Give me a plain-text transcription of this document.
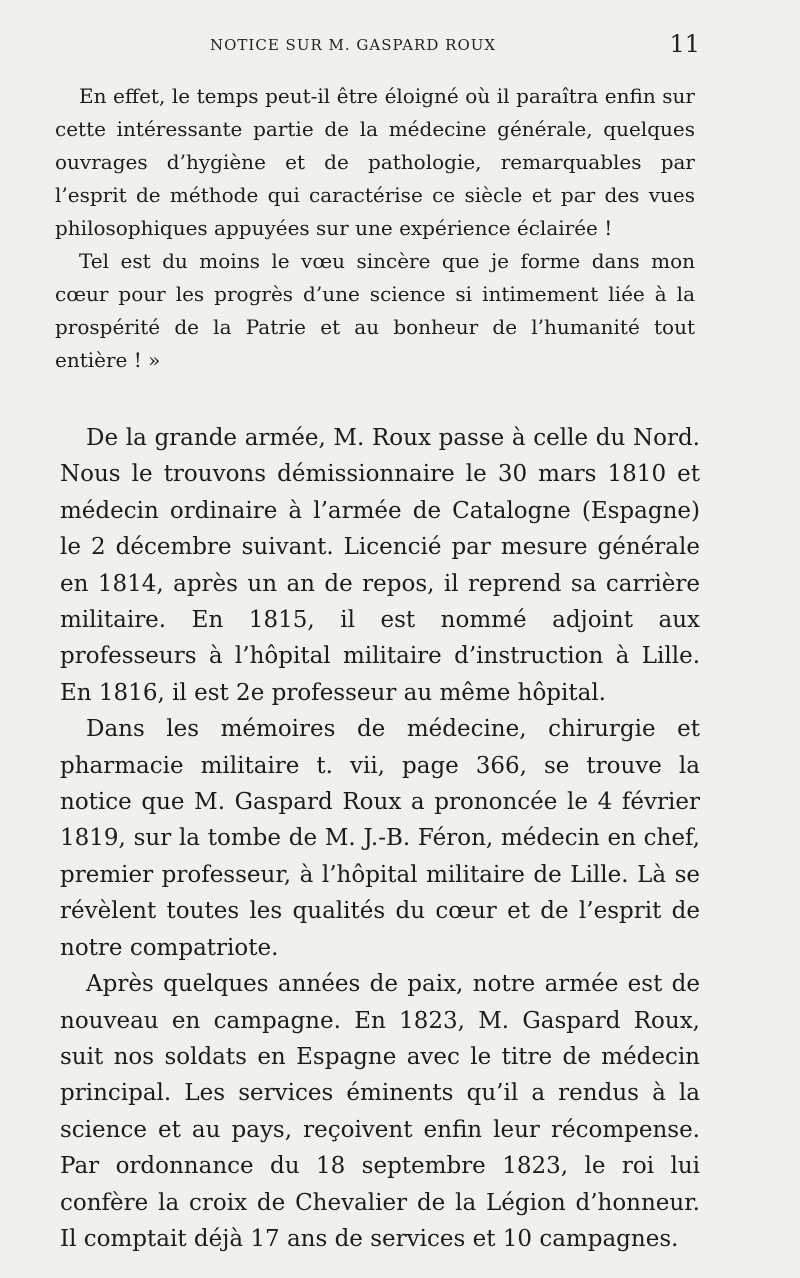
NOTICE SUR M. GASPARD ROUX	11

En effet, le temps peut-il être éloigné où il paraîtra enfin sur cette intéressante partie de la médecine générale, quelques ouvrages d’hygiène et de pathologie, remarquables par l’esprit de méthode qui caractérise ce siècle et par des vues philosophiques appuyées sur une expérience éclairée !

Tel est du moins le vœu sincère que je forme dans mon cœur pour les progrès d’une science si intimement liée à la prospérité de la Patrie et au bonheur de l’humanité tout entière ! »

De la grande armée, M. Roux passe à celle du Nord. Nous le trouvons démissionnaire le 30 mars 1810 et médecin ordinaire à l’armée de Catalogne (Espagne) le 2 décembre suivant. Licencié par mesure générale en 1814, après un an de repos, il reprend sa carrière militaire. En 1815, il est nommé adjoint aux professeurs à l’hôpital militaire d’instruction à Lille. En 1816, il est 2e professeur au même hôpital.

Dans les mémoires de médecine, chirurgie et pharmacie militaire t. vii, page 366, se trouve la notice que M. Gaspard Roux a prononcée le 4 février 1819, sur la tombe de M. J.-B. Féron, médecin en chef, premier professeur, à l’hôpital militaire de Lille. Là se révèlent toutes les qualités du cœur et de l’esprit de notre compatriote.

Après quelques années de paix, notre armée est de nouveau en campagne. En 1823, M. Gaspard Roux, suit nos soldats en Espagne avec le titre de médecin principal. Les services éminents qu’il a rendus à la science et au pays, reçoivent enfin leur récompense. Par ordonnance du 18 septembre 1823, le roi lui confère la croix de Chevalier de la Légion d’honneur. Il comptait déjà 17 ans de services et 10 campagnes.
